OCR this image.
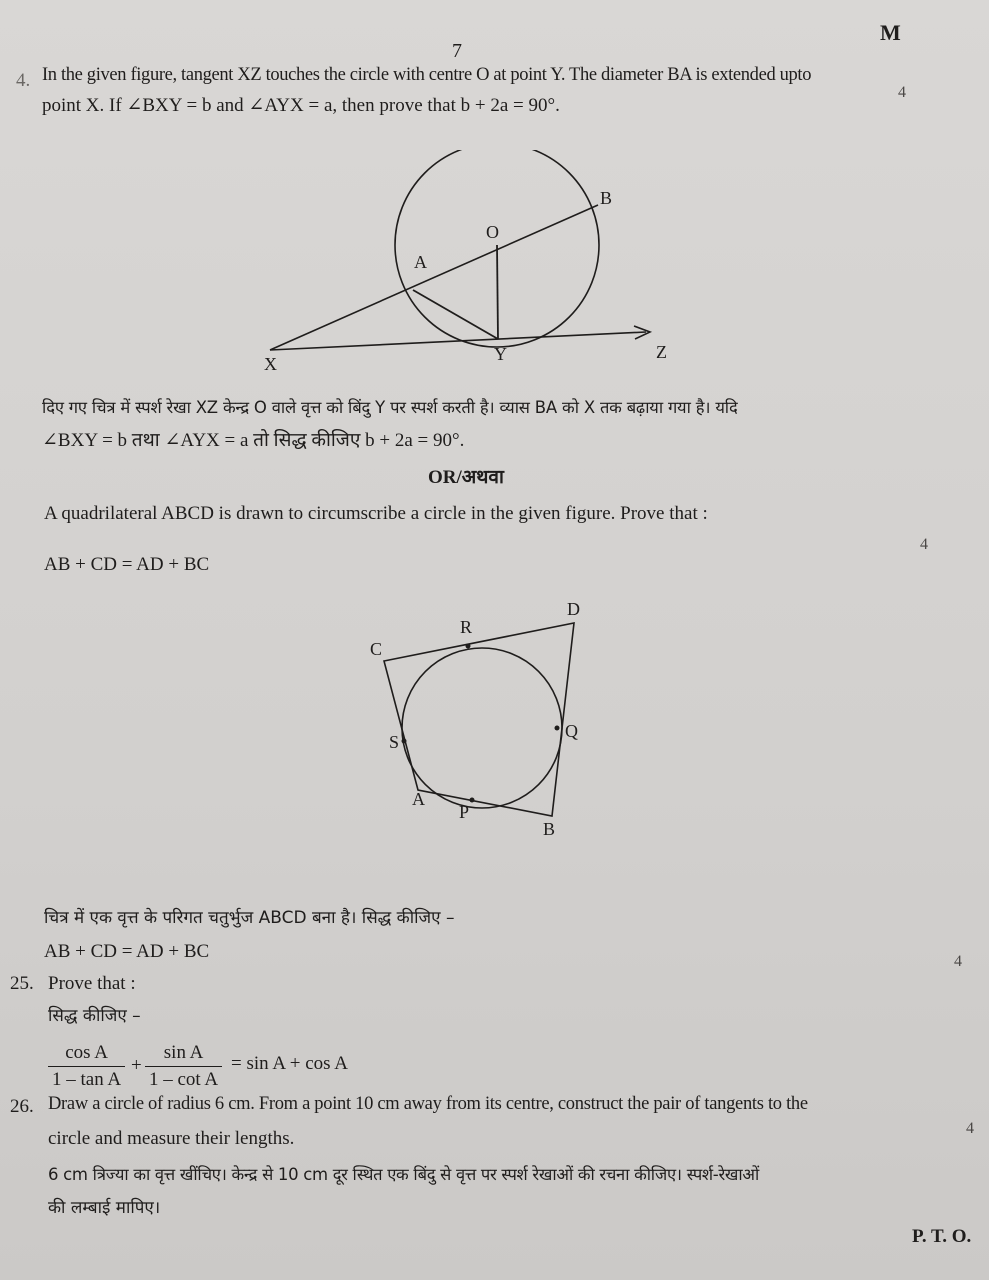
M
7
4. In the given figure, tangent XZ touches the circle with centre O at point Y. The diameter BA is extended upto
point X. If ∠BXY = b and ∠AYX = a, then prove that b + 2a = 90°.
4
B
O
A
X	Y	Z
दिए गए चित्र में स्पर्श रेखा XZ केन्द्र O वाले वृत्त को बिंदु Y पर स्पर्श करती है। व्यास BA को X तक बढ़ाया गया है। यदि
∠BXY = b तथा ∠AYX = a तो सिद्ध कीजिए b + 2a = 90°.
OR/अथवा
A quadrilateral ABCD is drawn to circumscribe a circle in the given figure. Prove that :
4
AB + CD = AD + BC
D
R
C
Q
S
A
P
B
चित्र में एक वृत्त के परिगत चतुर्भुज ABCD बना है। सिद्ध कीजिए –
AB + CD = AD + BC
25. Prove that :
4
सिद्ध कीजिए –
$\frac{\text{cos A}}{\text{1 – tan A}} + \frac{\text{sin A}}{\text{1 – cot A}} = \sin A + \cos A$
26. Draw a circle of radius 6 cm. From a point 10 cm away from its centre, construct the pair of tangents to the
circle and measure their lengths.	4
6 cm त्रिज्या का वृत्त खींचिए। केन्द्र से 10 cm दूर स्थित एक बिंदु से वृत्त पर स्पर्श रेखाओं की रचना कीजिए। स्पर्श-रेखाओं
की लम्बाई मापिए।
P. T. O.
